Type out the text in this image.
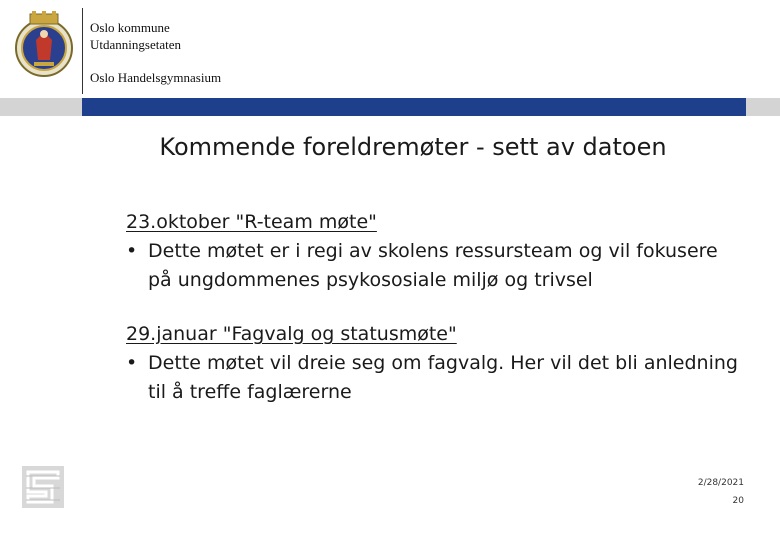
Oslo kommune
Utdanningsetaten
Oslo Handelsgymnasium
Kommende foreldremøter - sett av datoen
23.oktober "R-team møte"
• Dette møtet er i regi av skolens ressursteam og vil fokusere på ungdommenes psykososiale miljø og trivsel
29.januar "Fagvalg og statusmøte"
• Dette møtet vil dreie seg om fagvalg. Her vil det bli anledning til å treffe faglærerne
2/28/2021
20
